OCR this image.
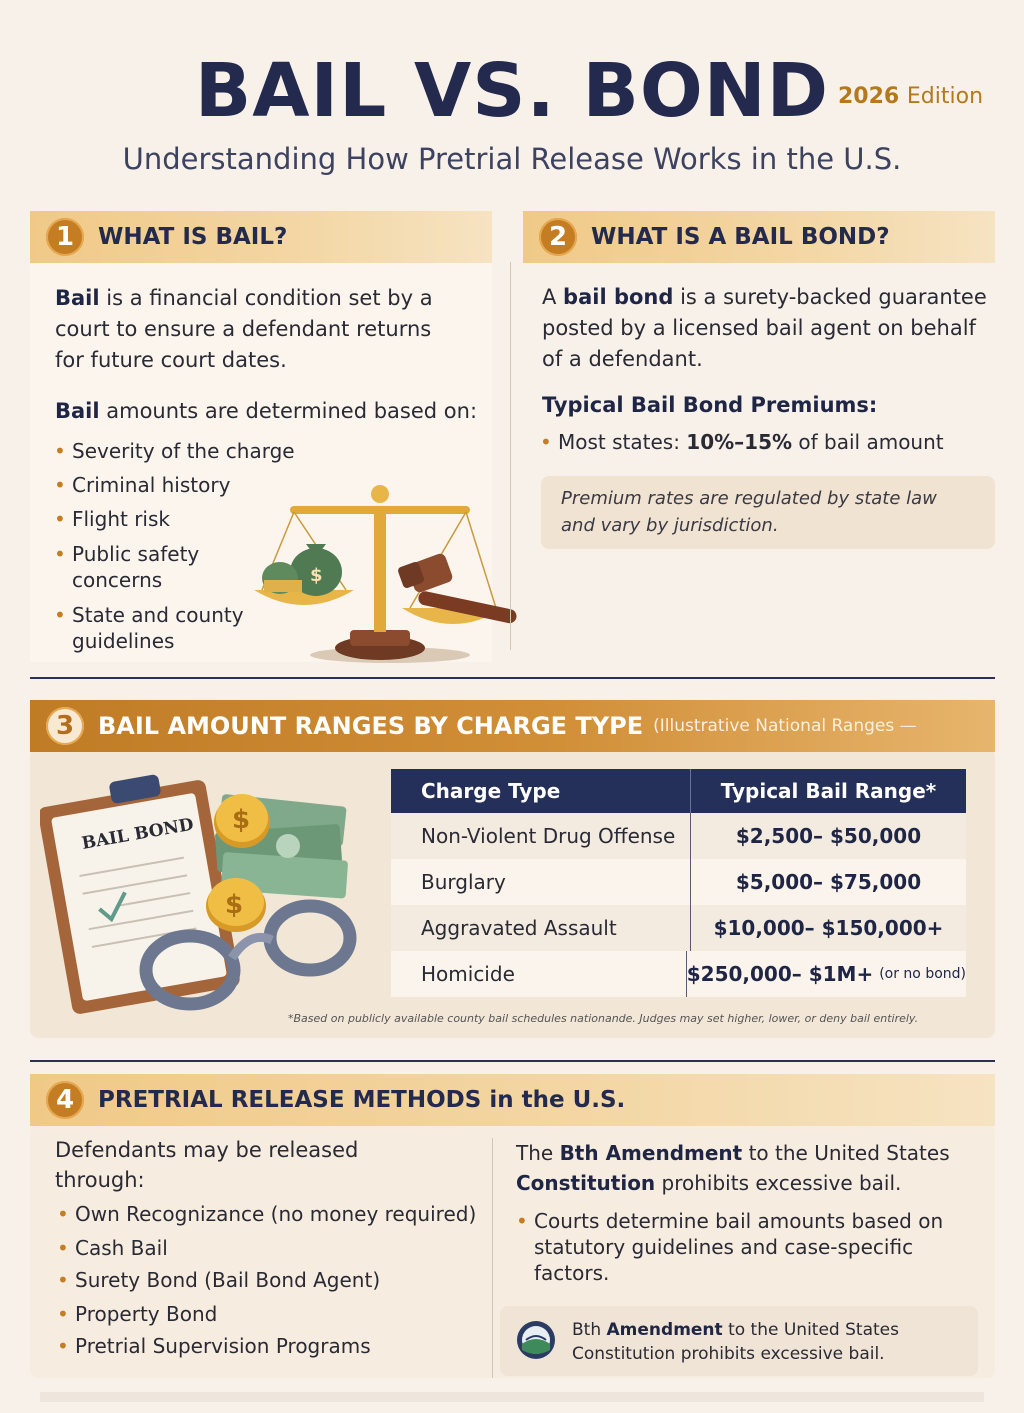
BAIL VS. BOND 2026 Edition
Understanding How Pretrial Release Works in the U.S.
1	WHAT IS BAIL?
Bail is a financial condition set by a court to ensure a defendant returns for future court dates.
Bail amounts are determined based on:
• Severity of the charge
• Criminal history
• Flight risk
• Public safety concerns
• State and county guidelines
$
2	WHAT IS A BAIL BOND?
A bail bond is a surety-backed guarantee posted by a licensed bail agent on behalf of a defendant.
Typical Bail Bond Premiums:
• Most states: 10%–15% of bail amount
Premium rates are regulated by state law and vary by jurisdiction.
3 BAIL AMOUNT RANGES BY CHARGE TYPE (Illustrative National Ranges —
BAIL BOND $
$
Charge Type	Typical Bail Range*
Non-Violent Drug Offense	$2,500– $50,000
Burglary	$5,000– $75,000
Aggravated Assault	$10,000– $150,000+
Homicide	$250,000– $1M+ (or no bond)
*Based on publicly available county bail schedules nationande. Judges may set higher, lower, or deny bail entirely.
4	PRETRIAL RELEASE METHODS in the U.S.
Defendants may be released through:
• Own Recognizance (no money required)
• Cash Bail
• Surety Bond (Bail Bond Agent)
• Property Bond
• Pretrial Supervision Programs
The Bth Amendment to the United States Constitution prohibits excessive bail.
• Courts determine bail amounts based on statutory guidelines and case-specific factors.
Bth Amendment to the United States Constitution prohibits excessive bail.
